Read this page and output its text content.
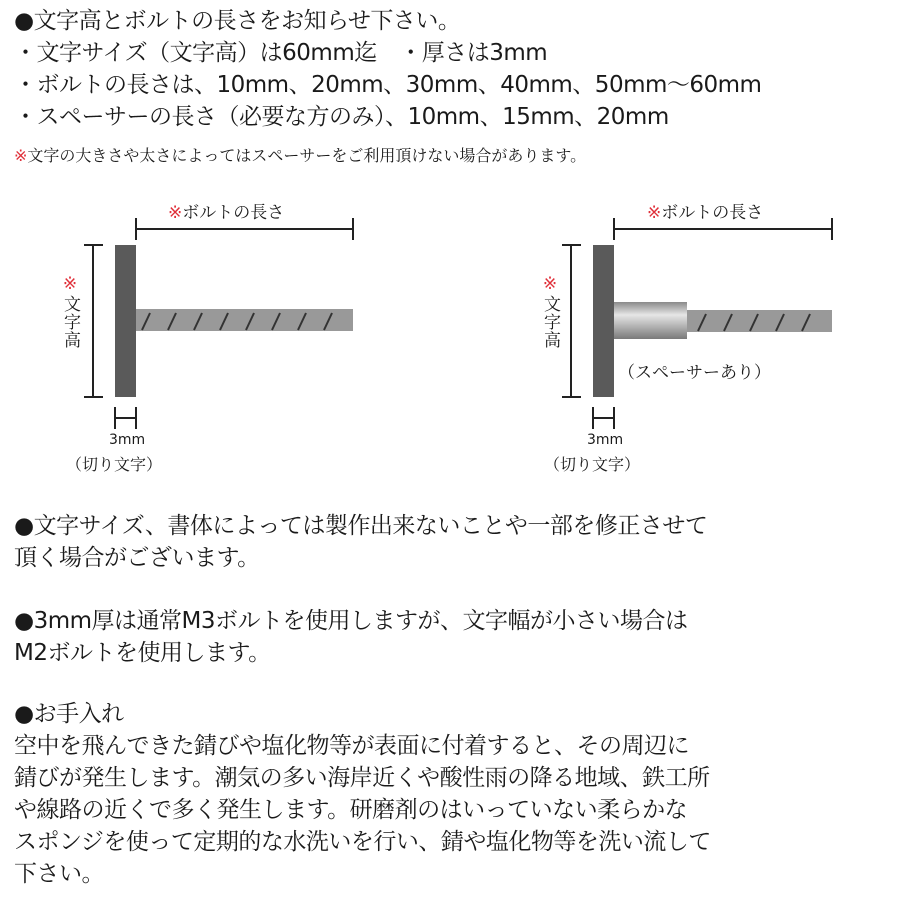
●文字高とボルトの長さをお知らせ下さい。
・文字サイズ（文字高）は60mm迄　・厚さは3mm
・ボルトの長さは、10mm、20mm、30mm、40mm、50mm〜60mm
・スペーサーの長さ（必要な方のみ）、10mm、15mm、20mm
※文字の大きさや太さによってはスペーサーをご利用頂けない場合があります。
※ボルトの長さ
※文字高
3mm
（切り文字）
※ボルトの長さ
※文字高
（スペーサーあり）
3mm
（切り文字）
●文字サイズ、書体によっては製作出来ないことや一部を修正させて
頂く場合がございます。
●3mm厚は通常M3ボルトを使用しますが、文字幅が小さい場合は
M2ボルトを使用します。
●お手入れ
空中を飛んできた錆びや塩化物等が表面に付着すると、その周辺に
錆びが発生します。潮気の多い海岸近くや酸性雨の降る地域、鉄工所
や線路の近くで多く発生します。研磨剤のはいっていない柔らかな
スポンジを使って定期的な水洗いを行い、錆や塩化物等を洗い流して
下さい。
